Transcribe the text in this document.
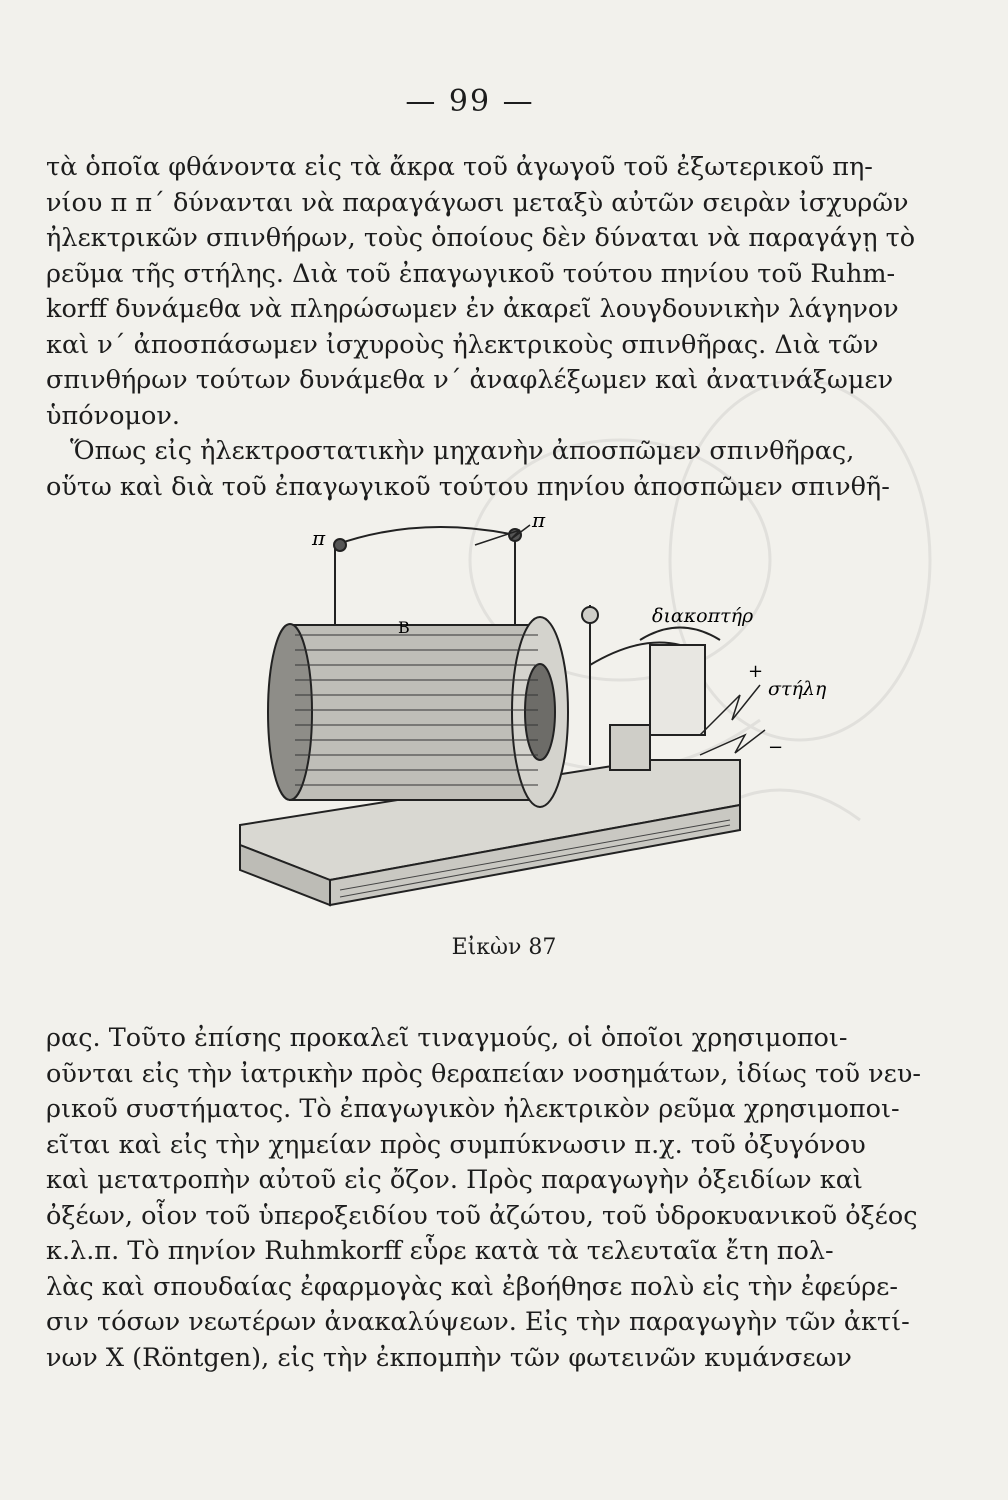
— 99 —
τὰ ὁποῖα φθάνοντα εἰς τὰ ἄκρα τοῦ ἀγωγοῦ τοῦ ἐξωτερικοῦ πη-
νίου π π΄ δύνανται νὰ παραγάγωσι μεταξὺ αὐτῶν σειρὰν ἰσχυρῶν
ἠλεκτρικῶν σπινθήρων, τοὺς ὁποίους δὲν δύναται νὰ παραγάγῃ τὸ
ρεῦμα τῆς στήλης. Διὰ τοῦ ἐπαγωγικοῦ τούτου πηνίου τοῦ Ruhm-
korff δυνάμεθα νὰ πληρώσωμεν ἐν ἀκαρεῖ λουγδουνικὴν λάγηνον
καὶ ν΄ ἀποσπάσωμεν ἰσχυροὺς ἠλεκτρικοὺς σπινθῆρας. Διὰ τῶν
σπινθήρων τούτων δυνάμεθα ν΄ ἀναφλέξωμεν καὶ ἀνατινάξωμεν
ὑπόνομον.
Ὅπως εἰς ἠλεκτροστατικὴν μηχανὴν ἀποσπῶμεν σπινθῆρας,
οὕτω καὶ διὰ τοῦ ἐπαγωγικοῦ τούτου πηνίου ἀποσπῶμεν σπινθῆ-
π
π
B
διακοπτήρ
στήλη
+
−
Εἰκὼν 87
ρας. Τοῦτο ἐπίσης προκαλεῖ τιναγμούς, οἱ ὁποῖοι χρησιμοποι-
οῦνται εἰς τὴν ἰατρικὴν πρὸς θεραπείαν νοσημάτων, ἰδίως τοῦ νευ-
ρικοῦ συστήματος. Τὸ ἐπαγωγικὸν ἠλεκτρικὸν ρεῦμα χρησιμοποι-
εῖται καὶ εἰς τὴν χημείαν πρὸς συμπύκνωσιν π.χ. τοῦ ὀξυγόνου
καὶ μετατροπὴν αὐτοῦ εἰς ὄζον. Πρὸς παραγωγὴν ὀξειδίων καὶ
ὀξέων, οἷον τοῦ ὑπεροξειδίου τοῦ ἀζώτου, τοῦ ὑδροκυανικοῦ ὀξέος
κ.λ.π. Τὸ πηνίον Ruhmkorff εὗρε κατὰ τὰ τελευταῖα ἔτη πολ-
λὰς καὶ σπουδαίας ἐφαρμογὰς καὶ ἐβοήθησε πολὺ εἰς τὴν ἐφεύρε-
σιν τόσων νεωτέρων ἀνακαλύψεων. Εἰς τὴν παραγωγὴν τῶν ἀκτί-
νων X (Röntgen), εἰς τὴν ἐκπομπὴν τῶν φωτεινῶν κυμάνσεων
